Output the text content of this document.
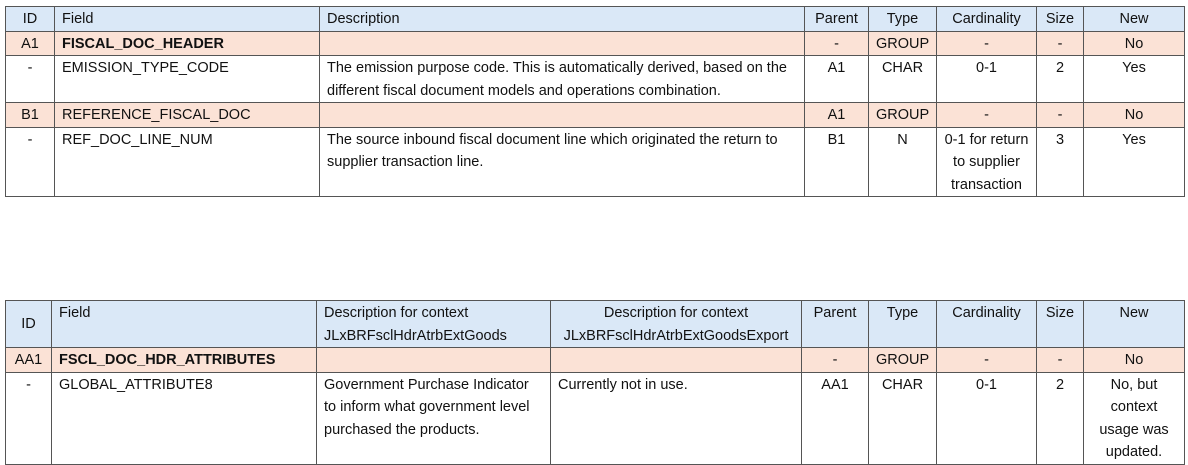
ID	Field	Description	Parent	Type	Cardinality	Size	New
A1	FISCAL_DOC_HEADER		-	GROUP	-	-	No
-	EMISSION_TYPE_CODE	The emission purpose code. This is automatically derived, based on the different fiscal document models and operations combination.	A1	CHAR	0-1	2	Yes
B1	REFERENCE_FISCAL_DOC		A1	GROUP	-	-	No
-	REF_DOC_LINE_NUM	The source inbound fiscal document line which originated the return to supplier transaction line.	B1	N	0-1 for return to supplier transaction	3	Yes
ID	Field	Description for context JLxBRFsclHdrAtrbExtGoods	Description for context JLxBRFsclHdrAtrbExtGoodsExport	Parent	Type	Cardinality	Size	New
AA1	FSCL_DOC_HDR_ATTRIBUTES			-	GROUP	-	-	No
-	GLOBAL_ATTRIBUTE8	Government Purchase Indicator to inform what government level purchased the products.	Currently not in use.	AA1	CHAR	0-1	2	No, but context usage was updated.
